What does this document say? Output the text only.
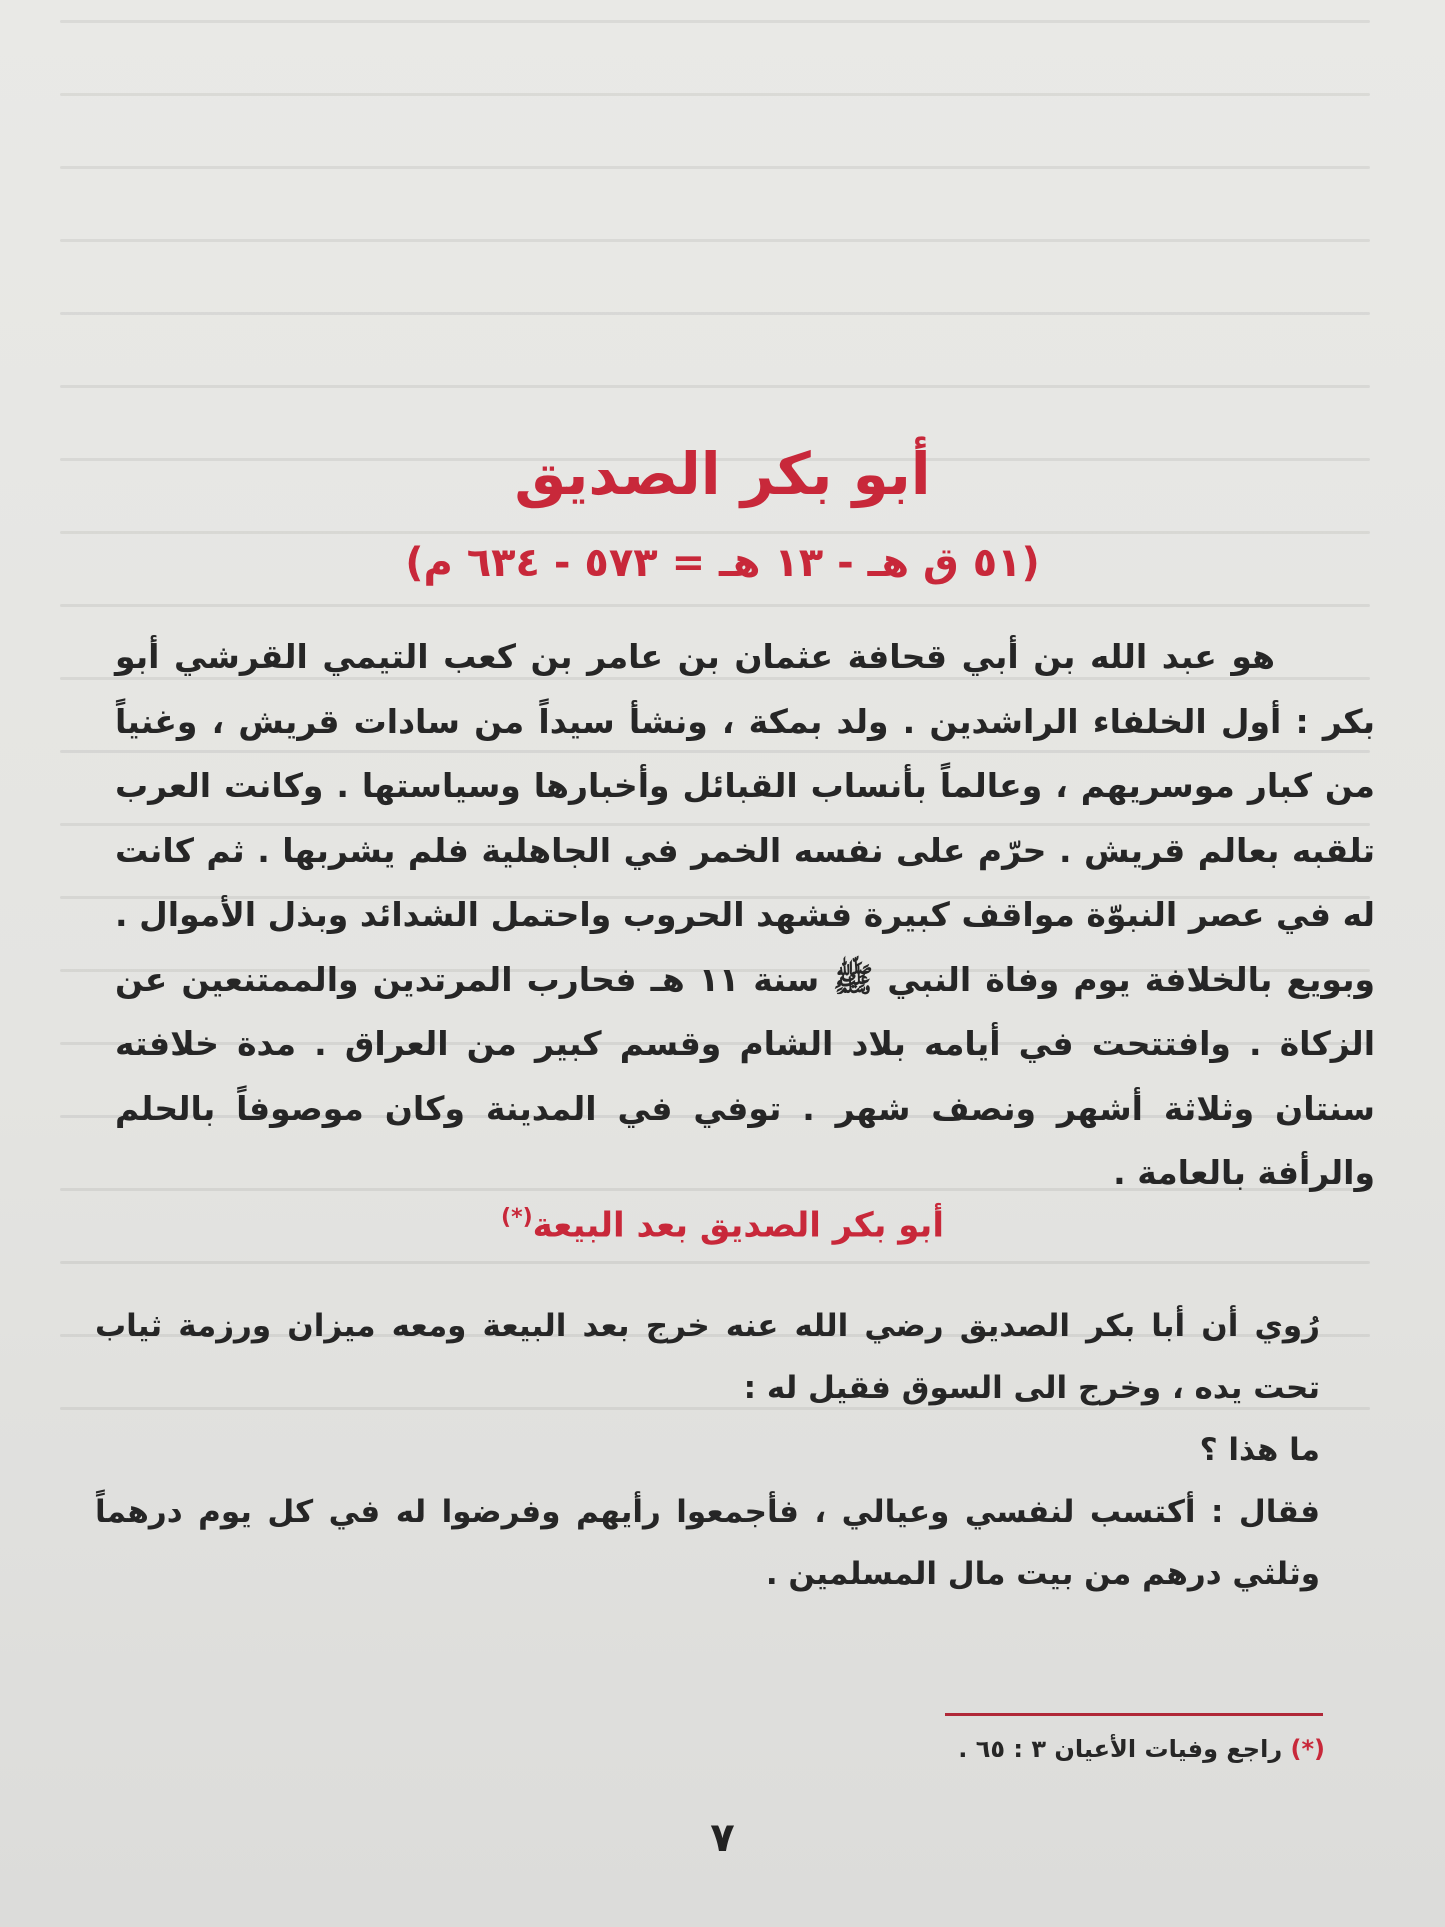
أبو بكر الصديق
(٥١ ق هـ - ١٣ هـ = ٥٧٣ - ٦٣٤ م)
هو عبد الله بن أبي قحافة عثمان بن عامر بن كعب التيمي القرشي أبو بكر : أول الخلفاء الراشدين . ولد بمكة ، ونشأ سيداً من سادات قريش ، وغنياً من كبار موسريهم ، وعالماً بأنساب القبائل وأخبارها وسياستها . وكانت العرب تلقبه بعالم قريش . حرّم على نفسه الخمر في الجاهلية فلم يشربها . ثم كانت له في عصر النبوّة مواقف كبيرة فشهد الحروب واحتمل الشدائد وبذل الأموال . وبويع بالخلافة يوم وفاة النبي ﷺ سنة ١١ هـ فحارب المرتدين والممتنعين عن الزكاة . وافتتحت في أيامه بلاد الشام وقسم كبير من العراق . مدة خلافته سنتان وثلاثة أشهر ونصف شهر . توفي في المدينة وكان موصوفاً بالحلم والرأفة بالعامة .
أبو بكر الصديق بعد البيعة(*)

رُوي أن أبا بكر الصديق رضي الله عنه خرج بعد البيعة ومعه ميزان ورزمة ثياب تحت يده ، وخرج الى السوق فقيل له :

ما هذا ؟

فقال : أكتسب لنفسي وعيالي ، فأجمعوا رأيهم وفرضوا له في كل يوم درهماً وثلثي درهم من بيت مال المسلمين .

(*) راجع وفيات الأعيان ٣ : ٦٥ .
٧
